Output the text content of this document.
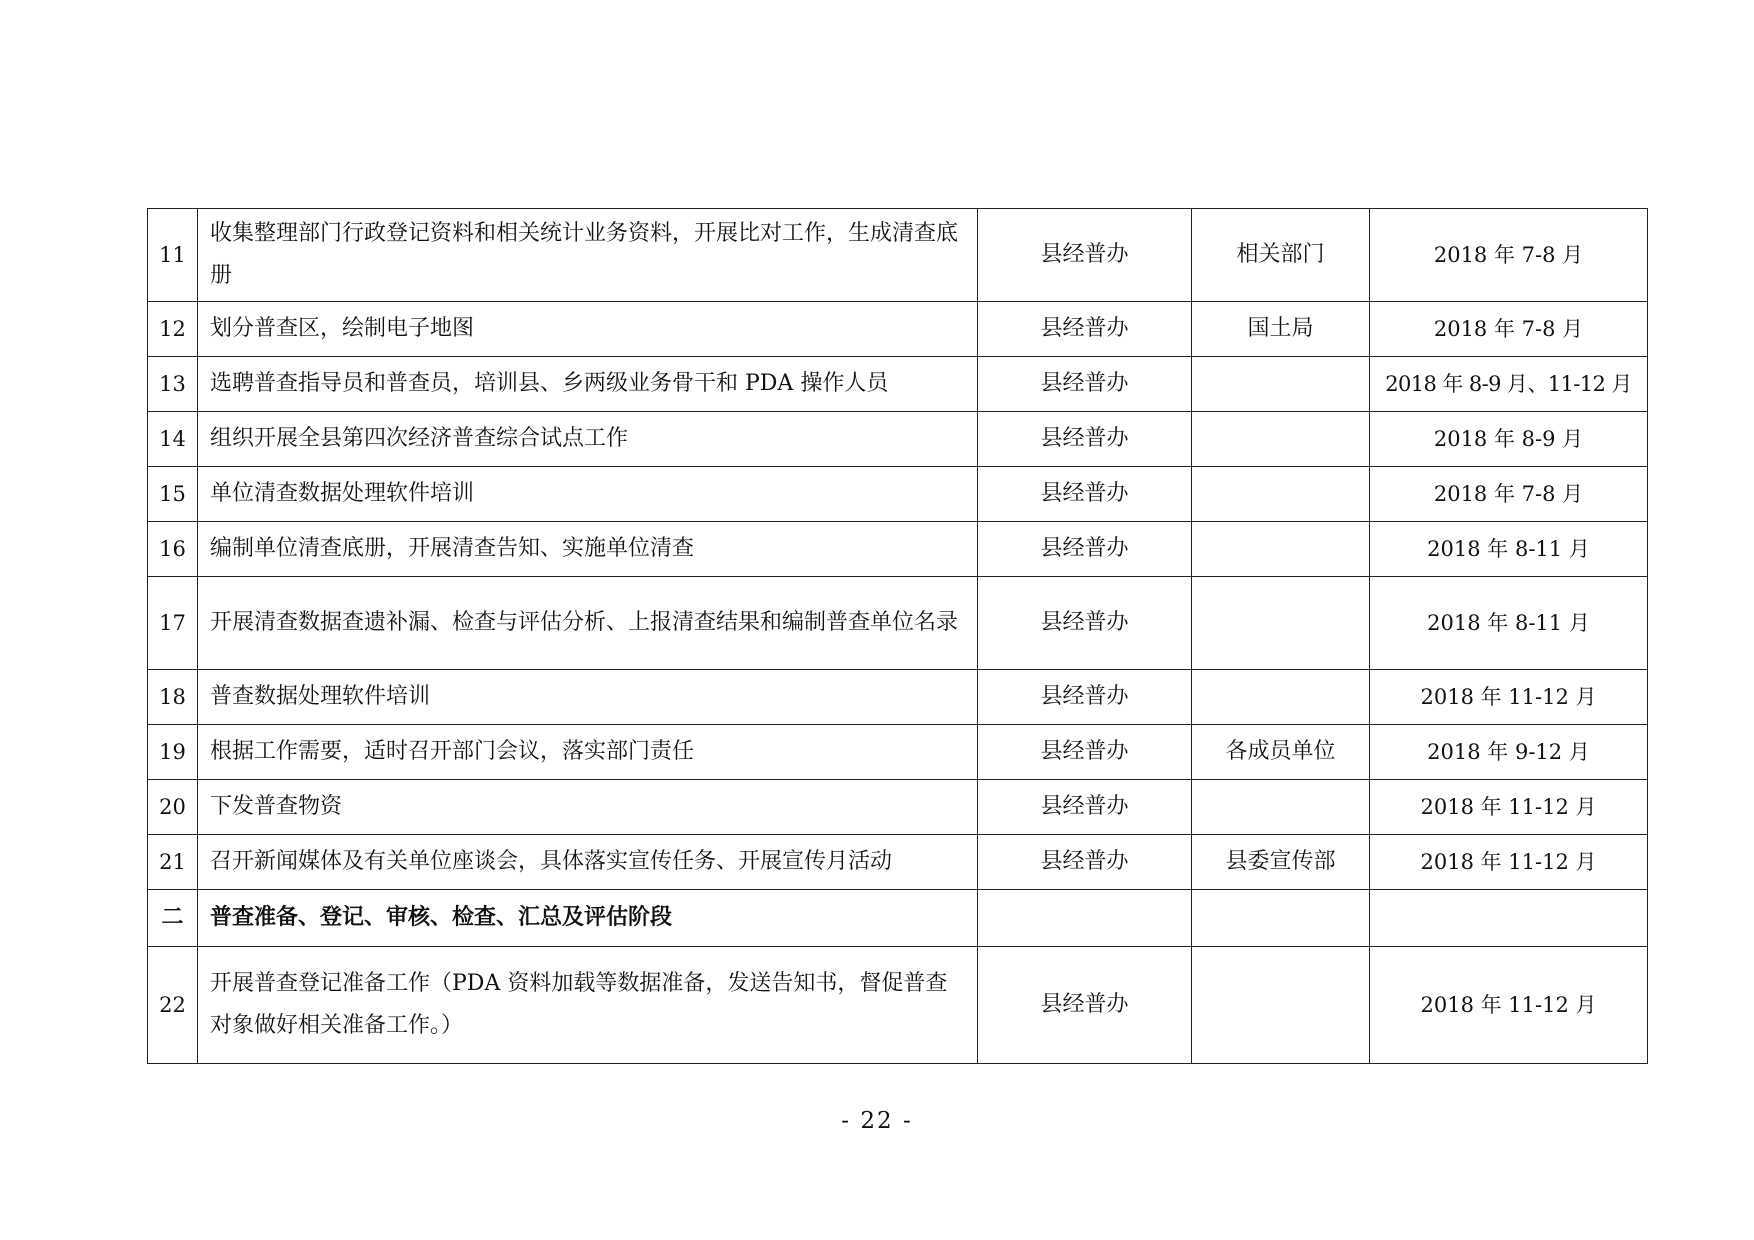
11	收集整理部门行政登记资料和相关统计业务资料，开展比对工作，生成清查底册	县经普办	相关部门	2018 年 7-8 月
12	划分普查区，绘制电子地图	县经普办	国土局	2018 年 7-8 月
13	选聘普查指导员和普查员，培训县、乡两级业务骨干和 PDA 操作人员	县经普办		2018 年 8-9 月、11-12 月
14	组织开展全县第四次经济普查综合试点工作	县经普办		2018 年 8-9 月
15	单位清查数据处理软件培训	县经普办		2018 年 7-8 月
16	编制单位清查底册，开展清查告知、实施单位清查	县经普办		2018 年 8-11 月
17	开展清查数据查遗补漏、检查与评估分析、上报清查结果和编制普查单位名录	县经普办		2018 年 8-11 月
18	普查数据处理软件培训	县经普办		2018 年 11-12 月
19	根据工作需要，适时召开部门会议，落实部门责任	县经普办	各成员单位	2018 年 9-12 月
20	下发普查物资	县经普办		2018 年 11-12 月
21	召开新闻媒体及有关单位座谈会，具体落实宣传任务、开展宣传月活动	县经普办	县委宣传部	2018 年 11-12 月
二	普查准备、登记、审核、检查、汇总及评估阶段			
22	开展普查登记准备工作（PDA 资料加载等数据准备，发送告知书，督促普查对象做好相关准备工作。）	县经普办		2018 年 11-12 月
- 22 -
